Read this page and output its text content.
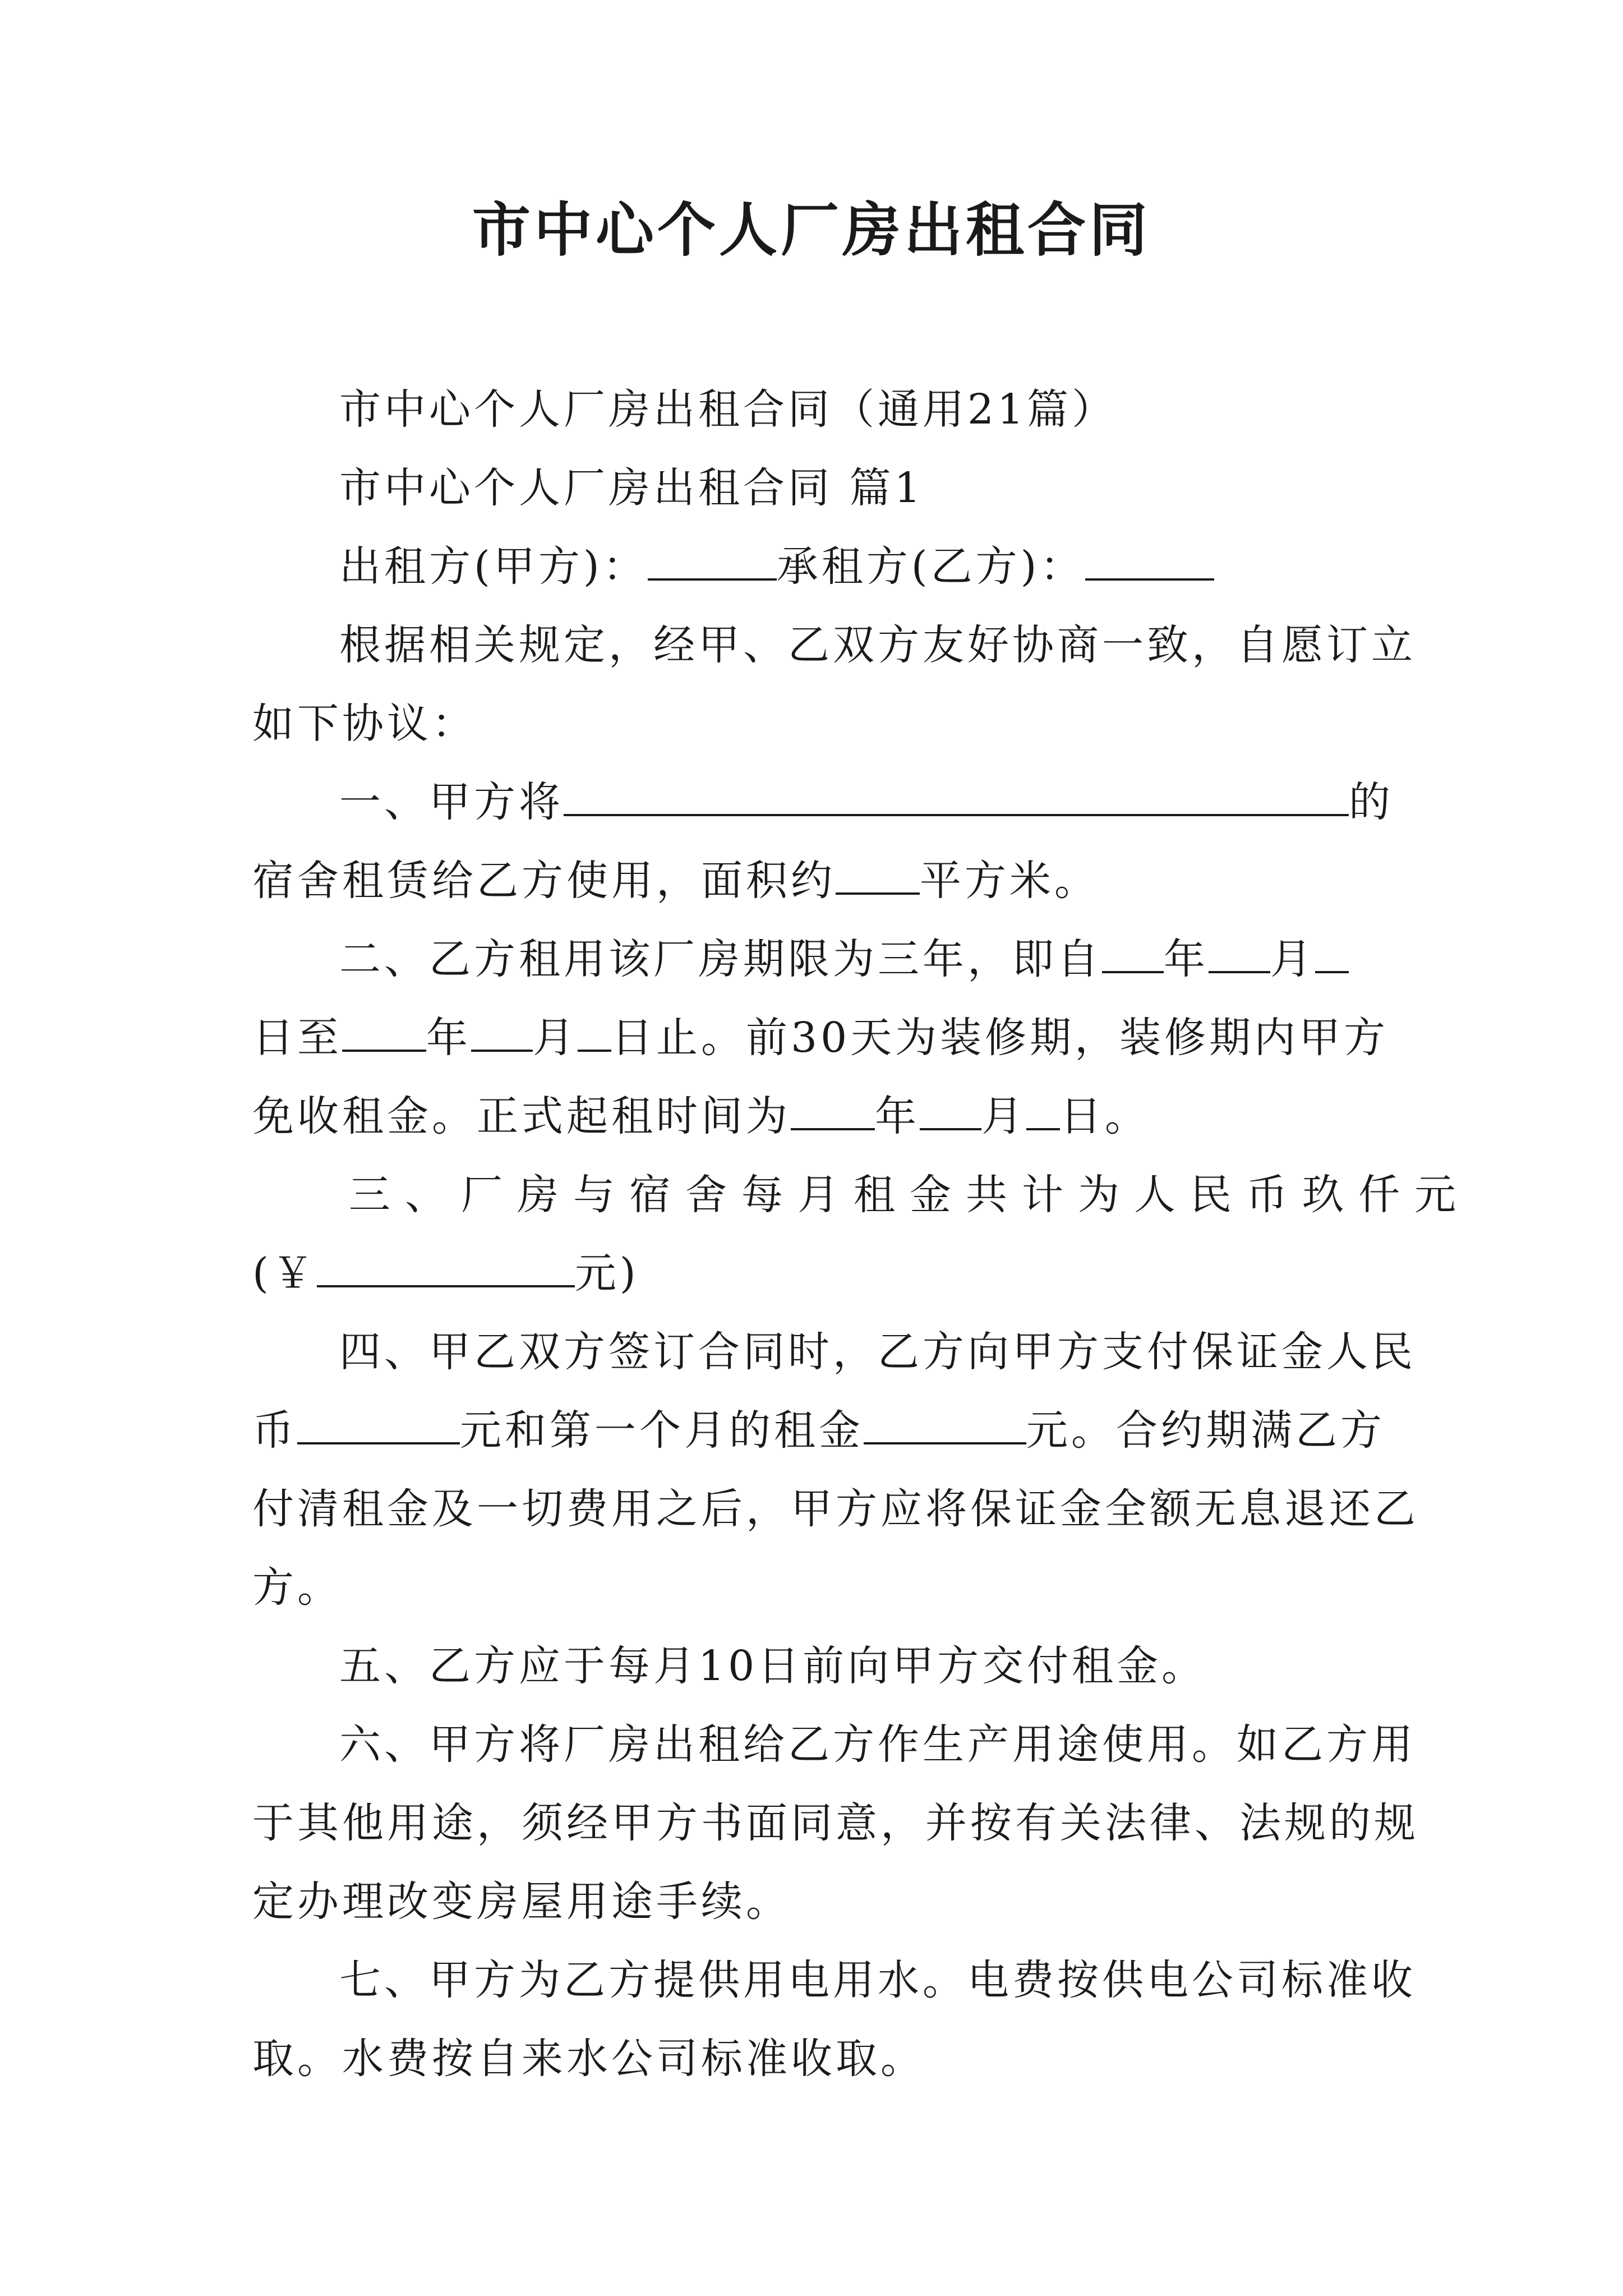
市中心个人厂房出租合同
市中心个人厂房出租合同（通用21篇）
市中心个人厂房出租合同 篇1
出租方(甲方)：	承租方(乙方)：
根据相关规定，经甲、乙双方友好协商一致，自愿订立
如下协议：
一、甲方将	的
宿舍租赁给乙方使用，面积约 平方米。
二、乙方租用该厂房期限为三年，即自 年 月
日至 年 月 日止。前30天为装修期，装修期内甲方
免收租金。正式起租时间为 年 月 日。
三、厂房与宿舍每月租金共计为人民币玖仟元
(￥	元)
四、甲乙双方签订合同时，乙方向甲方支付保证金人民
币	元和第一个月的租金	元。合约期满乙方
付清租金及一切费用之后，甲方应将保证金全额无息退还乙
方。
五、乙方应于每月10日前向甲方交付租金。
六、甲方将厂房出租给乙方作生产用途使用。如乙方用
于其他用途，须经甲方书面同意，并按有关法律、法规的规
定办理改变房屋用途手续。
七、甲方为乙方提供用电用水。电费按供电公司标准收
取。水费按自来水公司标准收取。
